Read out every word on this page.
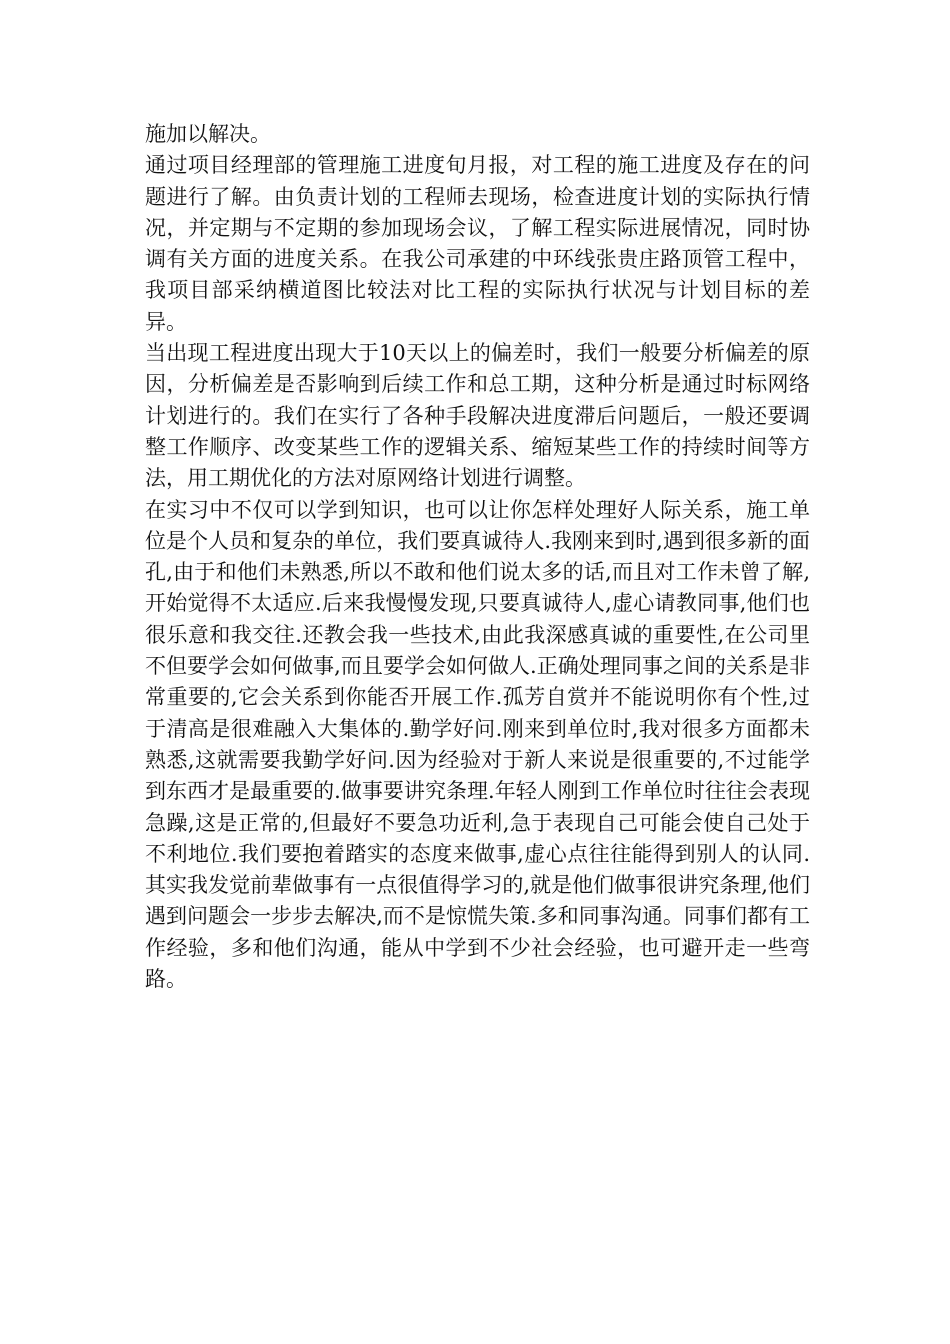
施加以解决。

通过项目经理部的管理施工进度旬月报，对工程的施工进度及存在的问题进行了解。由负责计划的工程师去现场，检查进度计划的实际执行情况，并定期与不定期的参加现场会议，了解工程实际进展情况，同时协调有关方面的进度关系。在我公司承建的中环线张贵庄路顶管工程中，我项目部采纳横道图比较法对比工程的实际执行状况与计划目标的差异。

当出现工程进度出现大于10天以上的偏差时，我们一般要分析偏差的原因，分析偏差是否影响到后续工作和总工期，这种分析是通过时标网络计划进行的。我们在实行了各种手段解决进度滞后问题后，一般还要调整工作顺序、改变某些工作的逻辑关系、缩短某些工作的持续时间等方法，用工期优化的方法对原网络计划进行调整。

在实习中不仅可以学到知识，也可以让你怎样处理好人际关系，施工单位是个人员和复杂的单位，我们要真诚待人.我刚来到时,遇到很多新的面孔,由于和他们未熟悉,所以不敢和他们说太多的话,而且对工作未曾了解,开始觉得不太适应.后来我慢慢发现,只要真诚待人,虚心请教同事,他们也很乐意和我交往.还教会我一些技术,由此我深感真诚的重要性,在公司里不但要学会如何做事,而且要学会如何做人.正确处理同事之间的关系是非常重要的,它会关系到你能否开展工作.孤芳自赏并不能说明你有个性,过于清高是很难融入大集体的.勤学好问.刚来到单位时,我对很多方面都未熟悉,这就需要我勤学好问.因为经验对于新人来说是很重要的,不过能学到东西才是最重要的.做事要讲究条理.年轻人刚到工作单位时往往会表现急躁,这是正常的,但最好不要急功近利,急于表现自己可能会使自己处于不利地位.我们要抱着踏实的态度来做事,虚心点往往能得到别人的认同.其实我发觉前辈做事有一点很值得学习的,就是他们做事很讲究条理,他们遇到问题会一步步去解决,而不是惊慌失策.多和同事沟通。同事们都有工作经验，多和他们沟通，能从中学到不少社会经验，也可避开走一些弯路。
